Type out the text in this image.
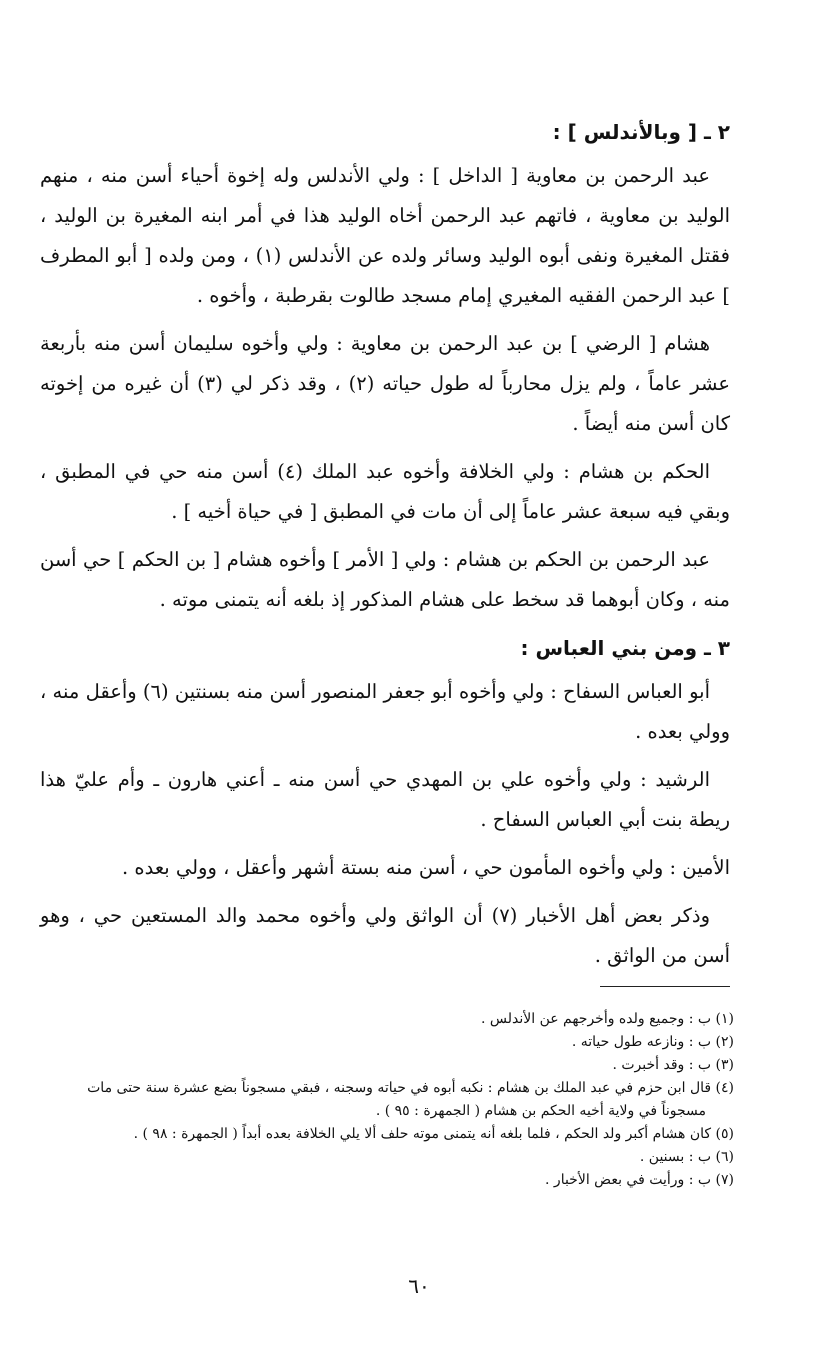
٢ ـ [ وبالأندلس ] :

عبد الرحمن بن معاوية [ الداخل ] : ولي الأندلس وله إخوة أحياء أسن منه ، منهم الوليد بن معاوية ، فاتهم عبد الرحمن أخاه الوليد هذا في أمر ابنه المغيرة بن الوليد ، فقتل المغيرة ونفى أبوه الوليد وسائر ولده عن الأندلس (١) ، ومن ولده [ أبو المطرف ] عبد الرحمن الفقيه المغيري إمام مسجد طالوت بقرطبة ، وأخوه .

هشام [ الرضي ] بن عبد الرحمن بن معاوية : ولي وأخوه سليمان أسن منه بأربعة عشر عاماً ، ولم يزل محارباً له طول حياته (٢) ، وقد ذكر لي (٣) أن غيره من إخوته كان أسن منه أيضاً .

الحكم بن هشام : ولي الخلافة وأخوه عبد الملك (٤) أسن منه حي في المطبق ، وبقي فيه سبعة عشر عاماً إلى أن مات في المطبق [ في حياة أخيه ] .

عبد الرحمن بن الحكم بن هشام : ولي [ الأمر ] وأخوه هشام [ بن الحكم ] حي أسن منه ، وكان أبوهما قد سخط على هشام المذكور إذ بلغه أنه يتمنى موته .

٣ ـ ومن بني العباس :

أبو العباس السفاح : ولي وأخوه أبو جعفر المنصور أسن منه بسنتين (٦) وأعقل منه ، وولي بعده .

الرشيد : ولي وأخوه علي بن المهدي حي أسن منه ـ أعني هارون ـ وأم عليّ هذا ريطة بنت أبي العباس السفاح .

الأمين : ولي وأخوه المأمون حي ، أسن منه بستة أشهر وأعقل ، وولي بعده .

وذكر بعض أهل الأخبار (٧) أن الواثق ولي وأخوه محمد والد المستعين حي ، وهو أسن من الواثق .

(١) ب : وجميع ولده وأخرجهم عن الأندلس .

(٢) ب : ونازعه طول حياته .

(٣) ب : وقد أخبرت .

(٤) قال ابن حزم في عبد الملك بن هشام : نكبه أبوه في حياته وسجنه ، فبقي مسجوناً بضع عشرة سنة حتى مات مسجوناً في ولاية أخيه الحكم بن هشام ( الجمهرة : ٩٥ ) .

(٥) كان هشام أكبر ولد الحكم ، فلما بلغه أنه يتمنى موته حلف ألا يلي الخلافة بعده أبداً ( الجمهرة : ٩٨ ) .

(٦) ب : بسنين .

(٧) ب : ورأيت في بعض الأخبار .

٦٠
